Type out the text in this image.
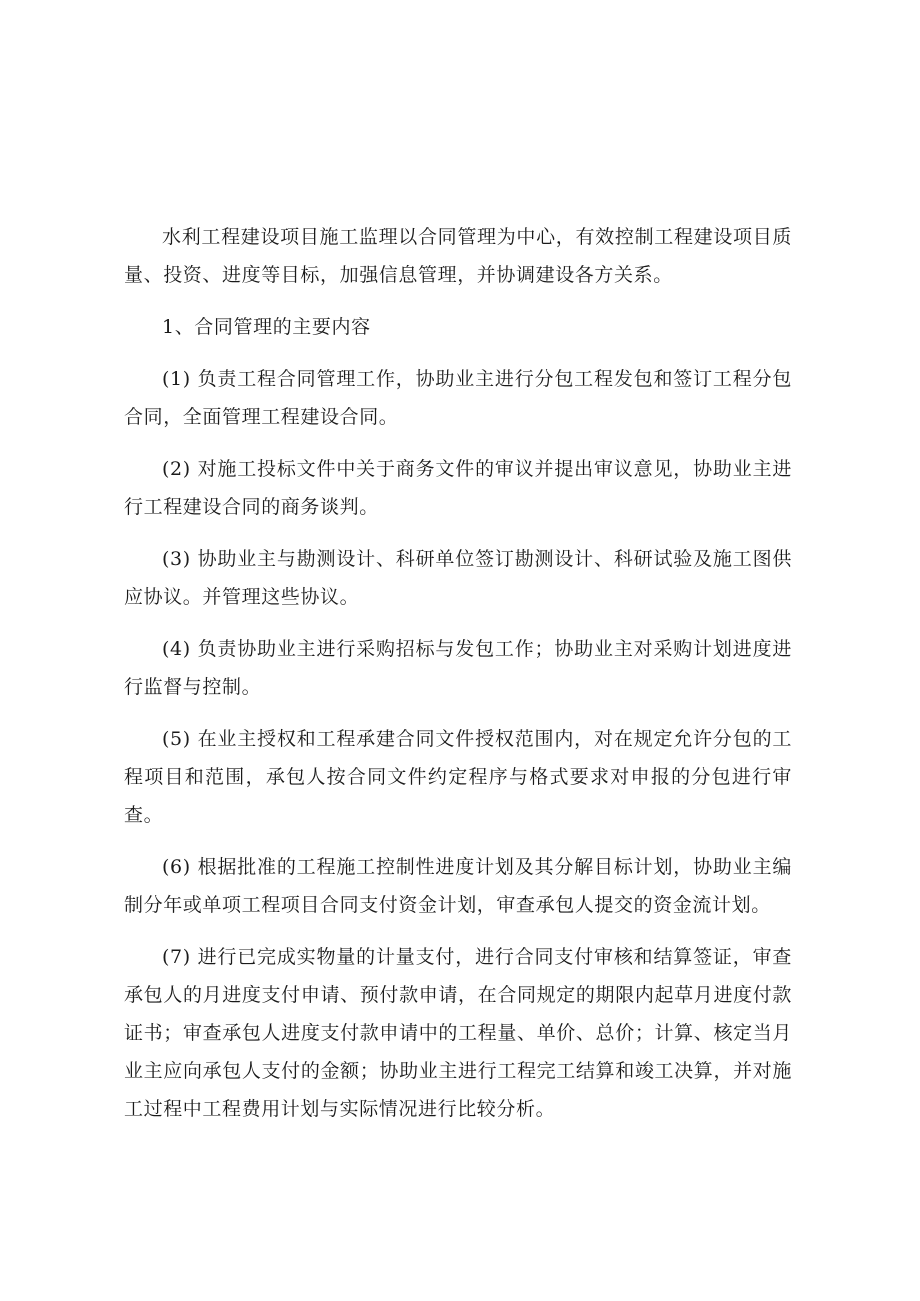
水利工程建设项目施工监理以合同管理为中心，有效控制工程建设项目质量、投资、进度等目标，加强信息管理，并协调建设各方关系。

1、合同管理的主要内容

(1) 负责工程合同管理工作，协助业主进行分包工程发包和签订工程分包合同，全面管理工程建设合同。

(2) 对施工投标文件中关于商务文件的审议并提出审议意见，协助业主进行工程建设合同的商务谈判。

(3) 协助业主与勘测设计、科研单位签订勘测设计、科研试验及施工图供应协议。并管理这些协议。

(4) 负责协助业主进行采购招标与发包工作；协助业主对采购计划进度进行监督与控制。

(5) 在业主授权和工程承建合同文件授权范围内，对在规定允许分包的工程项目和范围，承包人按合同文件约定程序与格式要求对申报的分包进行审查。

(6) 根据批准的工程施工控制性进度计划及其分解目标计划，协助业主编制分年或单项工程项目合同支付资金计划，审查承包人提交的资金流计划。

(7) 进行已完成实物量的计量支付，进行合同支付审核和结算签证，审查承包人的月进度支付申请、预付款申请，在合同规定的期限内起草月进度付款证书；审查承包人进度支付款申请中的工程量、单价、总价；计算、核定当月业主应向承包人支付的金额；协助业主进行工程完工结算和竣工决算，并对施工过程中工程费用计划与实际情况进行比较分析。
